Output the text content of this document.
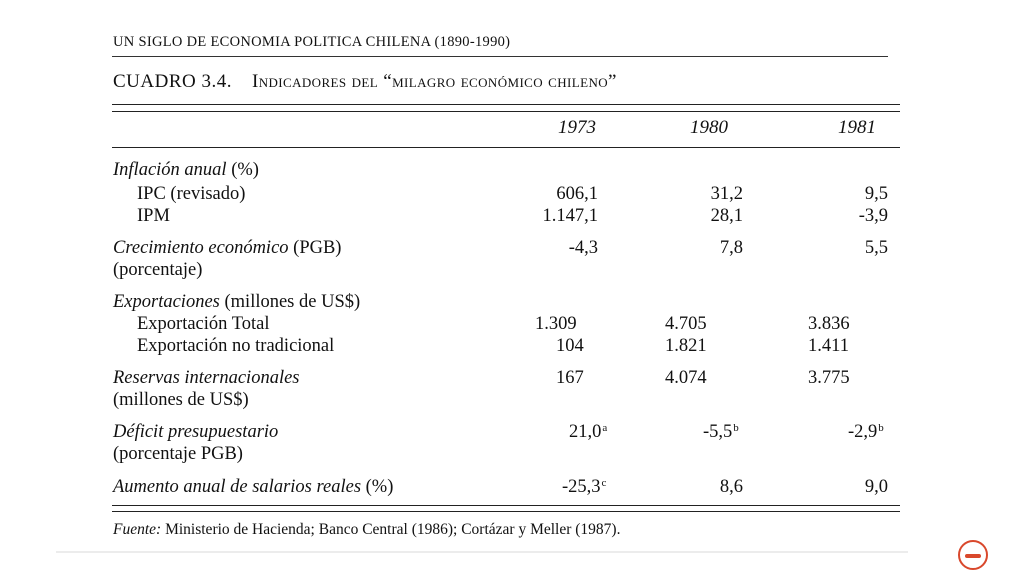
UN SIGLO DE ECONOMIA POLITICA CHILENA (1890-1990)
CUADRO 3.4. Indicadores del “milagro económico chileno”
1973	1980	1981
Inflación anual (%)
IPC (revisado)	606,1	31,2	9,5
IPM	1.147,1	28,1	-3,9
Crecimiento económico (PGB)
(porcentaje)
-4,3	7,8	5,5
Exportaciones (millones de US$)
Exportación Total	1.309	4.705	3.836
Exportación no tradicional	104	1.821	1.411
Reservas internacionales
(millones de US$)
167	4.074	3.775
Déficit presupuestario
(porcentaje PGB)
21,0$^a$	-5,5$^b$	-2,9$^b$
Aumento anual de salarios reales (%)	-25,3$^c$	8,6	9,0
Fuente: Ministerio de Hacienda; Banco Central (1986); Cortázar y Meller (1987).
